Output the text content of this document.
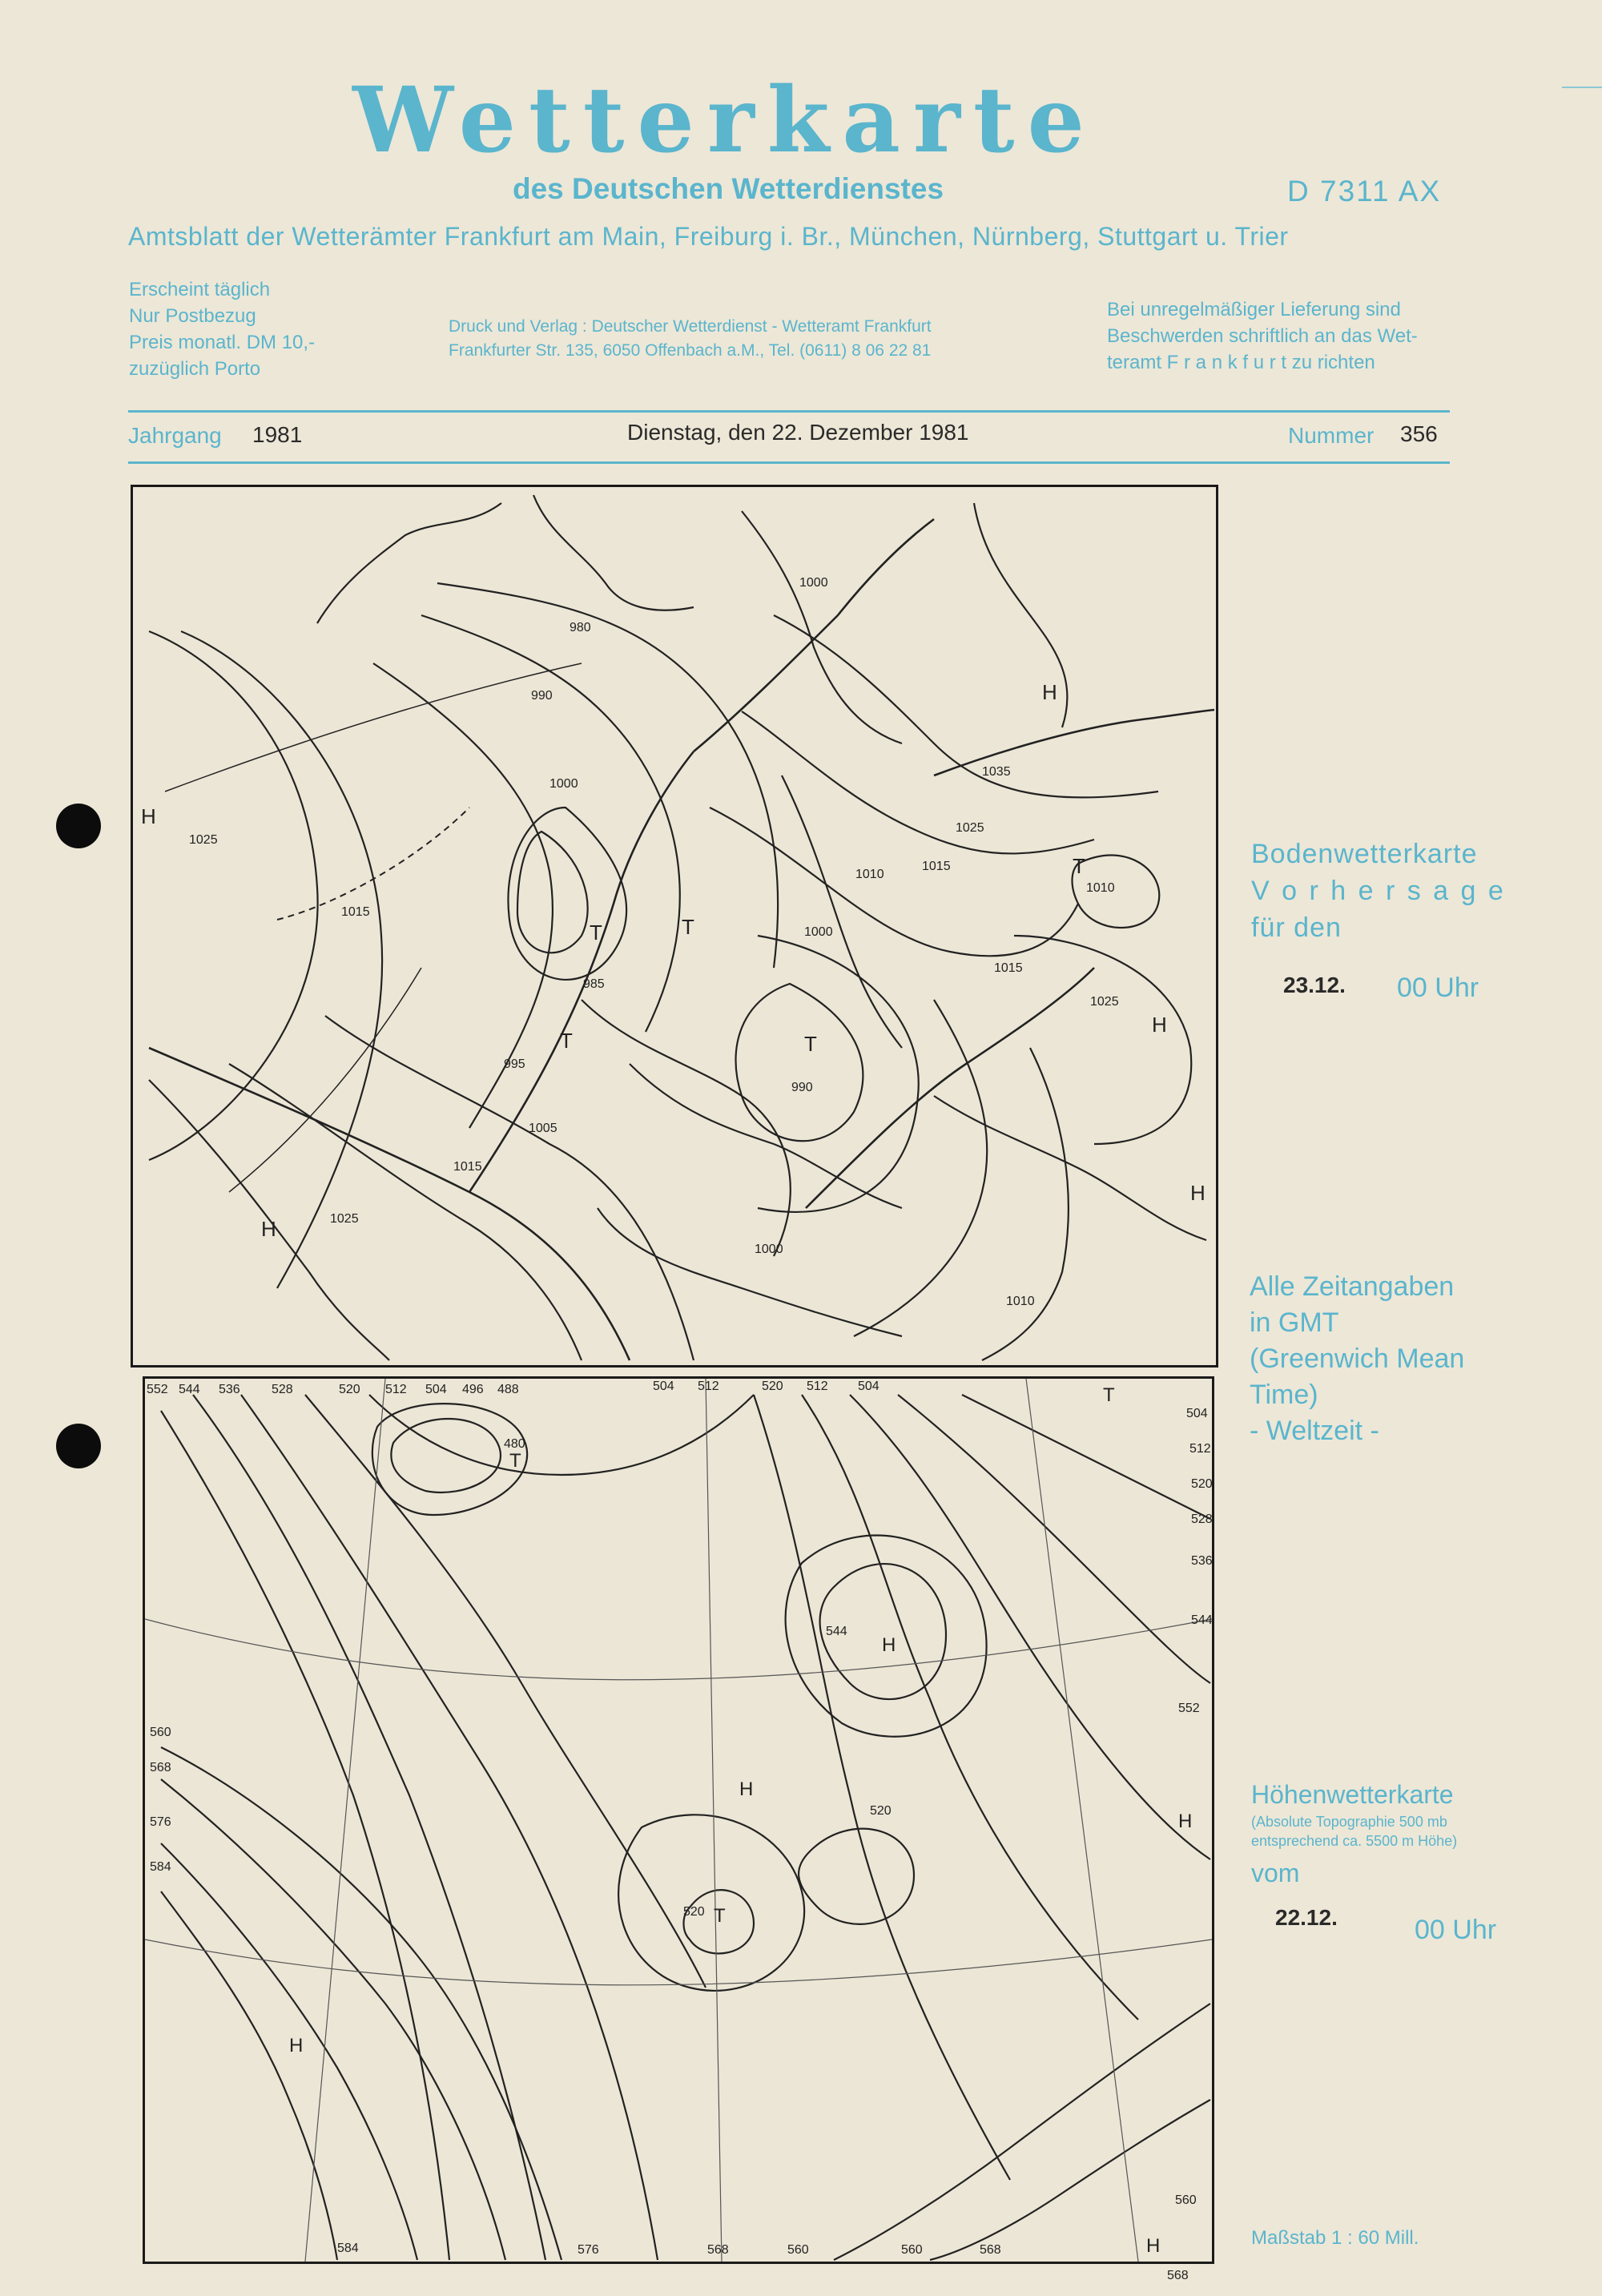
Wetterkarte
des Deutschen Wetterdienstes	D 7311 AX
Amtsblatt der Wetterämter Frankfurt am Main, Freiburg i. Br., München, Nürnberg, Stuttgart u. Trier
Erscheint täglich
Nur Postbezug
Preis monatl. DM 10,-
zuzüglich Porto
Druck und Verlag : Deutscher Wetterdienst - Wetteramt Frankfurt
Frankfurter Str. 135, 6050 Offenbach a.M., Tel. (0611) 8 06 22 81
Bei unregelmäßiger Lieferung sind
Beschwerden schriftlich an das Wet-
teramt F r a n k f u r t zu richten
Jahrgang 1981	Dienstag, den 22. Dezember 1981	Nummer 356
1000
980
990
1000
1025
1015
1010
1015
1035
1025
1000
985
995
1005
1015
1025
990
1000
1015
1025
1010
1010
H
T	T
T	T
H
H
T
H
H
552 544 536 528	520 512 504 496 488	504 512	520 512 504
504
512
520
528
536
544
552
560
568
560
568
576
584
584	576	568	560	560	568
480
520
520
544
T
H
H
T
H
H
T
H
Bodenwetterkarte
V o r h e r s a g e
für den
23.12. 00 Uhr
Alle Zeitangaben
in GMT
(Greenwich Mean
Time)
- Weltzeit -
Höhenwetterkarte
(Absolute Topographie 500 mb
entsprechend ca. 5500 m Höhe)
vom
22.12.	00 Uhr
Maßstab 1 : 60 Mill.
